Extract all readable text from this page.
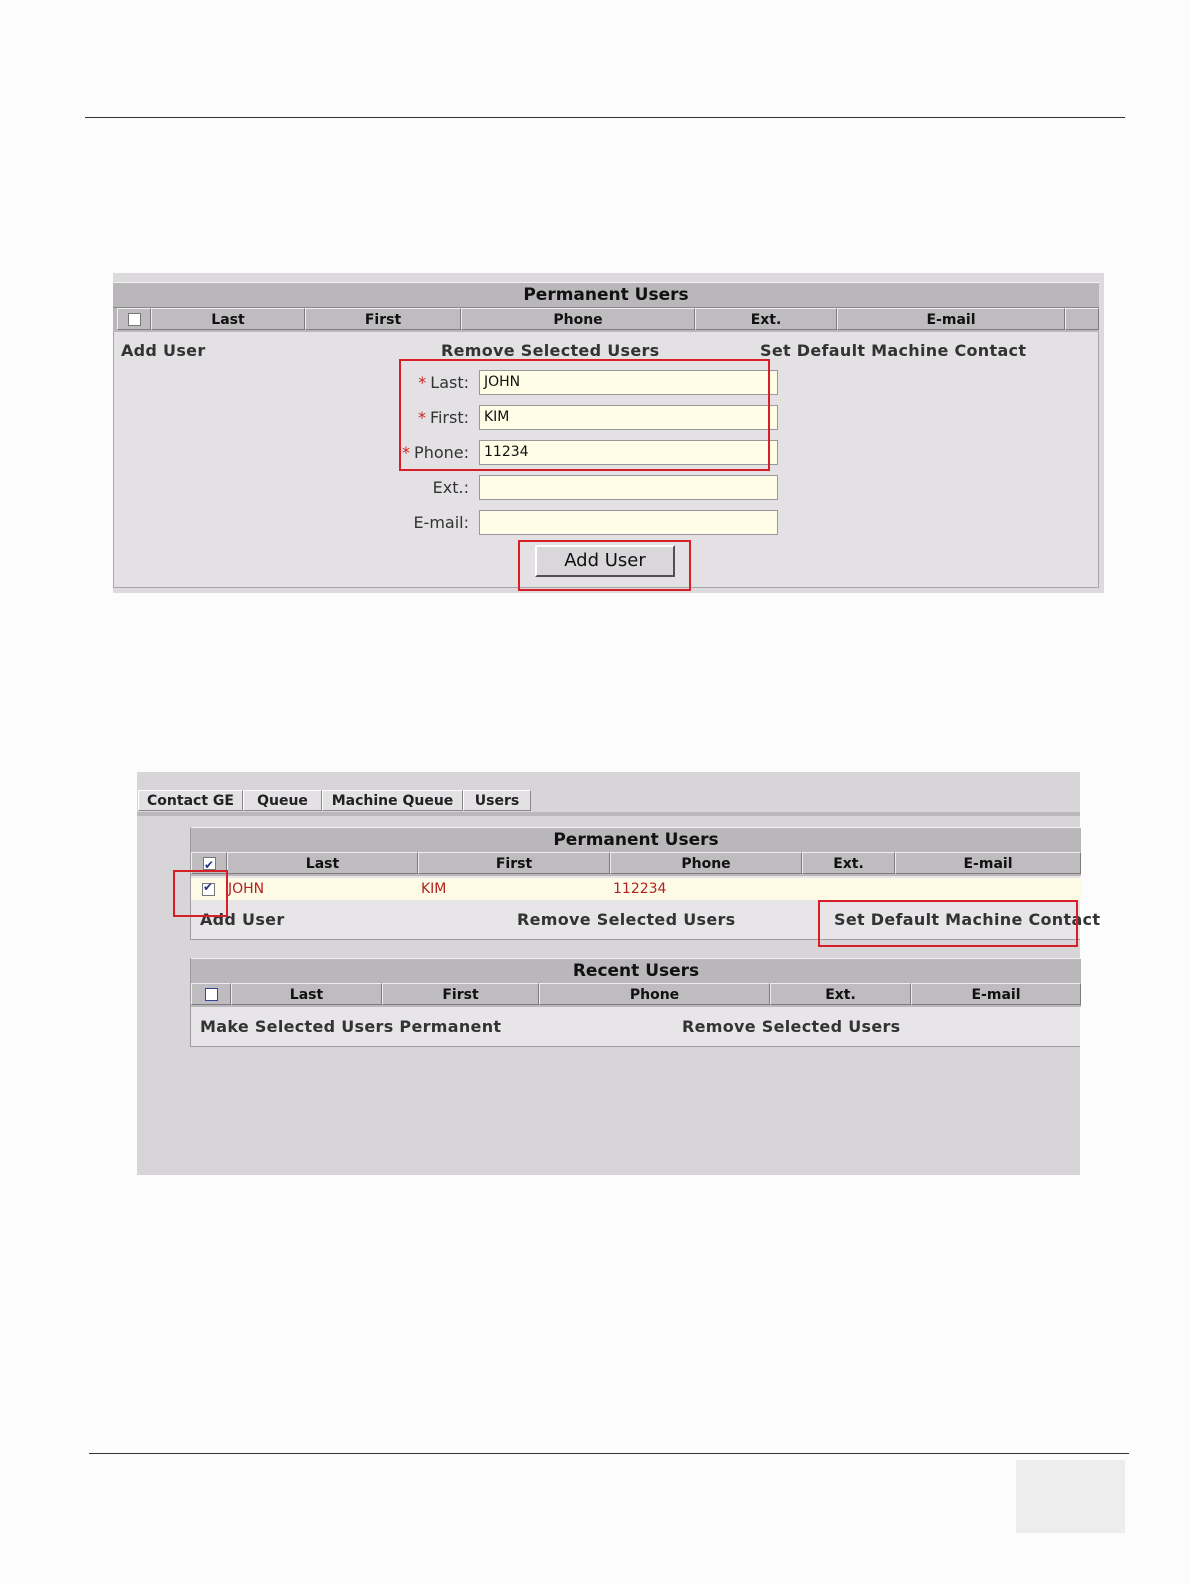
Permanent Users
Last	First	Phone	Ext.	E-mail
Add User	Remove Selected Users	Set Default Machine Contact
* Last:	JOHN
* First:	KIM
* Phone:	11234
Ext.:
E-mail:
Add User
Contact GE	Queue	Machine Queue	Users
Permanent Users
✔
Last	First	Phone	Ext.	E-mail
✔
JOHN	KIM	112234
Add User	Remove Selected Users	Set Default Machine Contact
Recent Users
Last	First	Phone	Ext.	E-mail
Make Selected Users Permanent	Remove Selected Users
